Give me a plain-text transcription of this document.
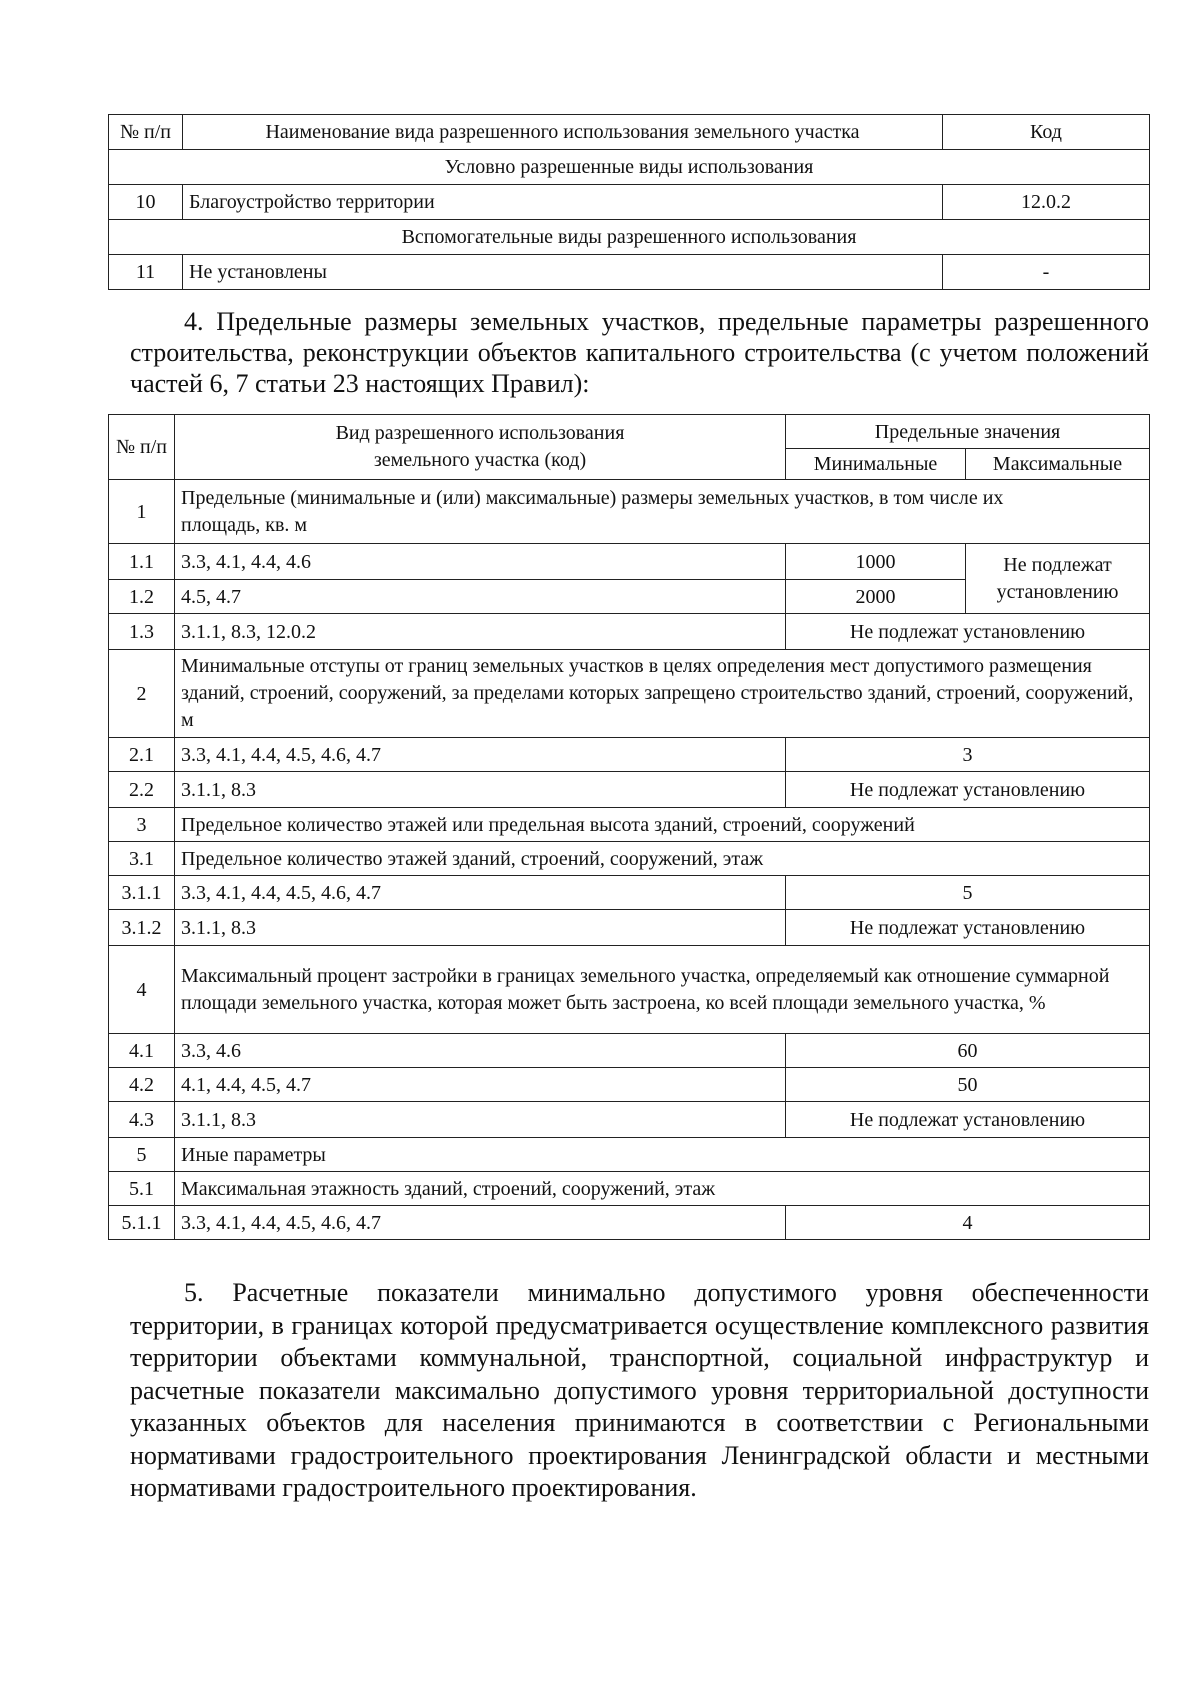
№ п/п	Наименование вида разрешенного использования земельного участка	Код
Условно разрешенные виды использования		
10	Благоустройство территории	12.0.2
Вспомогательные виды разрешенного использования		
11	Не установлены	-

4. Предельные размеры земельных участков, предельные параметры разрешенного строительства, реконструкции объектов капитального строительства (с учетом положений частей 6, 7 статьи 23 настоящих Правил):

№ п/п	Вид разрешенного использования земельного участка (код)	Предельные значения	
		Минимальные	Максимальные
1	Предельные (минимальные и (или) максимальные) размеры земельных участков, в том числе их площадь, кв. м		
1.1	3.3, 4.1, 4.4, 4.6	1000	Не подлежат установлению
1.2	4.5, 4.7	2000	
1.3	3.1.1, 8.3, 12.0.2	Не подлежат установлению	
2	Минимальные отступы от границ земельных участков в целях определения мест допустимого размещения зданий, строений, сооружений, за пределами которых запрещено строительство зданий, строений, сооружений, м		
2.1	3.3, 4.1, 4.4, 4.5, 4.6, 4.7	3	
2.2	3.1.1, 8.3	Не подлежат установлению	
3	Предельное количество этажей или предельная высота зданий, строений, сооружений		
3.1	Предельное количество этажей зданий, строений, сооружений, этаж		
3.1.1	3.3, 4.1, 4.4, 4.5, 4.6, 4.7	5	
3.1.2	3.1.1, 8.3	Не подлежат установлению	
4	Максимальный процент застройки в границах земельного участка, определяемый как отношение суммарной площади земельного участка, которая может быть застроена, ко всей площади земельного участка, %		
4.1	3.3, 4.6	60	
4.2	4.1, 4.4, 4.5, 4.7	50	
4.3	3.1.1, 8.3	Не подлежат установлению	
5	Иные параметры		
5.1	Максимальная этажность зданий, строений, сооружений, этаж		
5.1.1	3.3, 4.1, 4.4, 4.5, 4.6, 4.7	4	

5. Расчетные показатели минимально допустимого уровня обеспеченности территории, в границах которой предусматривается осуществление комплексного развития территории объектами коммунальной, транспортной, социальной инфраструктур и расчетные показатели максимально допустимого уровня территориальной доступности указанных объектов для населения принимаются в соответствии с Региональными нормативами градостроительного проектирования Ленинградской области и местными нормативами градостроительного проектирования.
